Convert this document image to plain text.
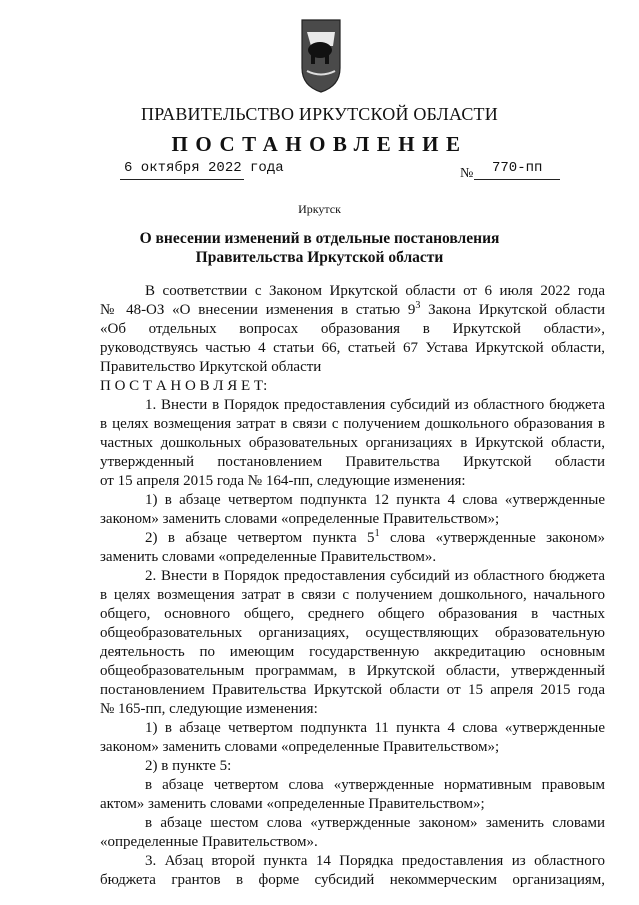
ПРАВИТЕЛЬСТВО ИРКУТСКОЙ ОБЛАСТИ
ПОСТАНОВЛЕНИЕ
6 октября 2022 года	№ 770-пп
Иркутск
О внесении изменений в отдельные постановления
Правительства Иркутской области
В соответствии с Законом Иркутской области от 6 июля 2022 года
№ 48-ОЗ «О внесении изменения в статью $9^3$ Закона Иркутской области
«Об отдельных вопросах образования в Иркутской области»,
руководствуясь частью 4 статьи 66, статьей 67 Устава Иркутской области,
Правительство Иркутской области
П О С Т А Н О В Л Я Е Т:
1. Внести в Порядок предоставления субсидий из областного бюджета
в целях возмещения затрат в связи с получением дошкольного образования в
частных дошкольных образовательных организациях в Иркутской области,
утвержденный постановлением Правительства Иркутской области
от 15 апреля 2015 года № 164-пп, следующие изменения:
1) в абзаце четвертом подпункта 12 пункта 4 слова «утвержденные
законом» заменить словами «определенные Правительством»;
2) в абзаце четвертом пункта $5^1$ слова «утвержденные законом»
заменить словами «определенные Правительством».
2. Внести в Порядок предоставления субсидий из областного бюджета
в целях возмещения затрат в связи с получением дошкольного, начального
общего, основного общего, среднего общего образования в частных
общеобразовательных организациях, осуществляющих образовательную
деятельность по имеющим государственную аккредитацию основным
общеобразовательным программам, в Иркутской области, утвержденный
постановлением Правительства Иркутской области от 15 апреля 2015 года
№ 165-пп, следующие изменения:
1) в абзаце четвертом подпункта 11 пункта 4 слова «утвержденные
законом» заменить словами «определенные Правительством»;
2) в пункте 5:
в абзаце четвертом слова «утвержденные нормативным правовым
актом» заменить словами «определенные Правительством»;
в абзаце шестом слова «утвержденные законом» заменить словами
«определенные Правительством».
3. Абзац второй пункта 14 Порядка предоставления из областного
бюджета грантов в форме субсидий некоммерческим организациям,
